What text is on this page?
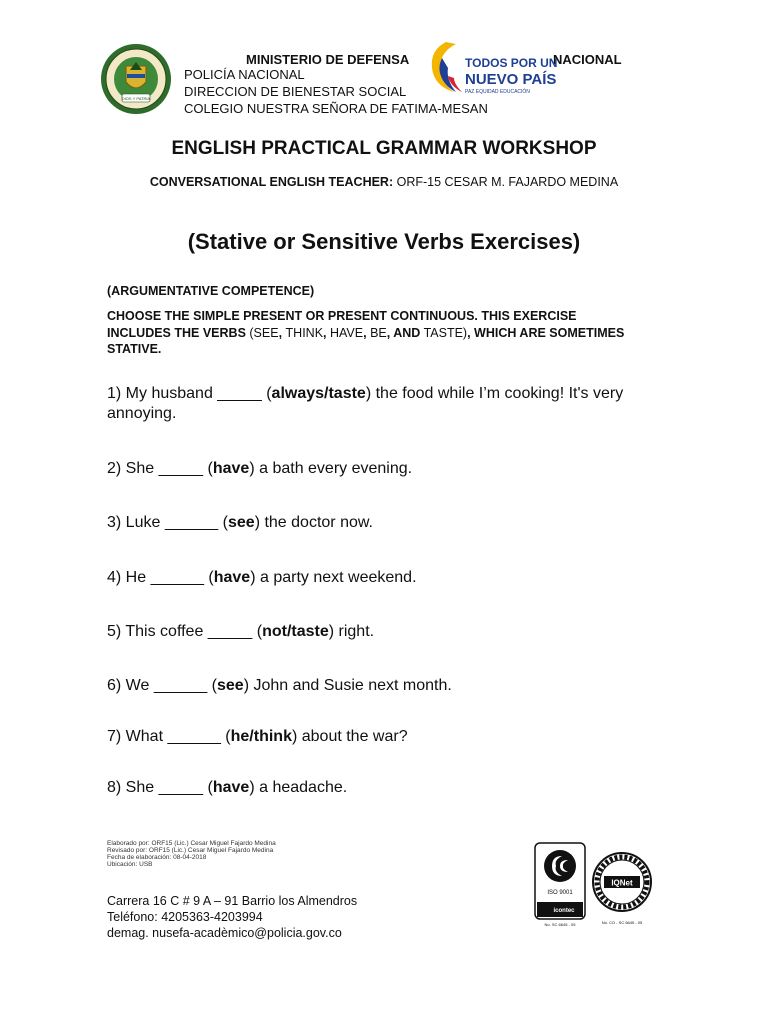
DIOS Y PATRIA
MINISTERIO DE DEFENSA	NACIONAL
POLICÍA NACIONAL
DIRECCION DE BIENESTAR SOCIAL
COLEGIO NUESTRA SEÑORA DE FATIMA-MESAN
TODOS POR UN
NUEVO PAÍS
PAZ EQUIDAD EDUCACIÓN
ENGLISH PRACTICAL GRAMMAR WORKSHOP
CONVERSATIONAL ENGLISH TEACHER: ORF-15 CESAR M. FAJARDO MEDINA
(Stative or Sensitive Verbs Exercises)
(ARGUMENTATIVE COMPETENCE)
CHOOSE THE SIMPLE PRESENT OR PRESENT CONTINUOUS. THIS EXERCISE INCLUDES THE VERBS (SEE, THINK, HAVE, BE, AND TASTE), WHICH ARE SOMETIMES STATIVE.
1) My husband _____ (always/taste) the food while I’m cooking! It's very annoying.
2) She _____ (have) a bath every evening.
3) Luke ______ (see) the doctor now.
4) He ______ (have) a party next weekend.
5) This coffee _____ (not/taste) right.
6) We ______ (see) John and Susie next month.
7) What ______ (he/think) about the war?
8) She _____ (have) a headache.
Elaborado por: ORF15 (Lic.) Cesar Miguel Fajardo Medina
Revisado por: ORF15 (Lic.) Cesar Miguel Fajardo Medina
Fecha de elaboración: 08-04-2018
Ubicación: USB
Carrera 16 C # 9 A – 91 Barrio los Almendros
Teléfono: 4205363-4203994
demag. nusefa-acadèmico@policia.gov.co
ISO 9001
icontec
No. SC 6645 - 05
IQNet
No. CO - SC 6645 - 05
